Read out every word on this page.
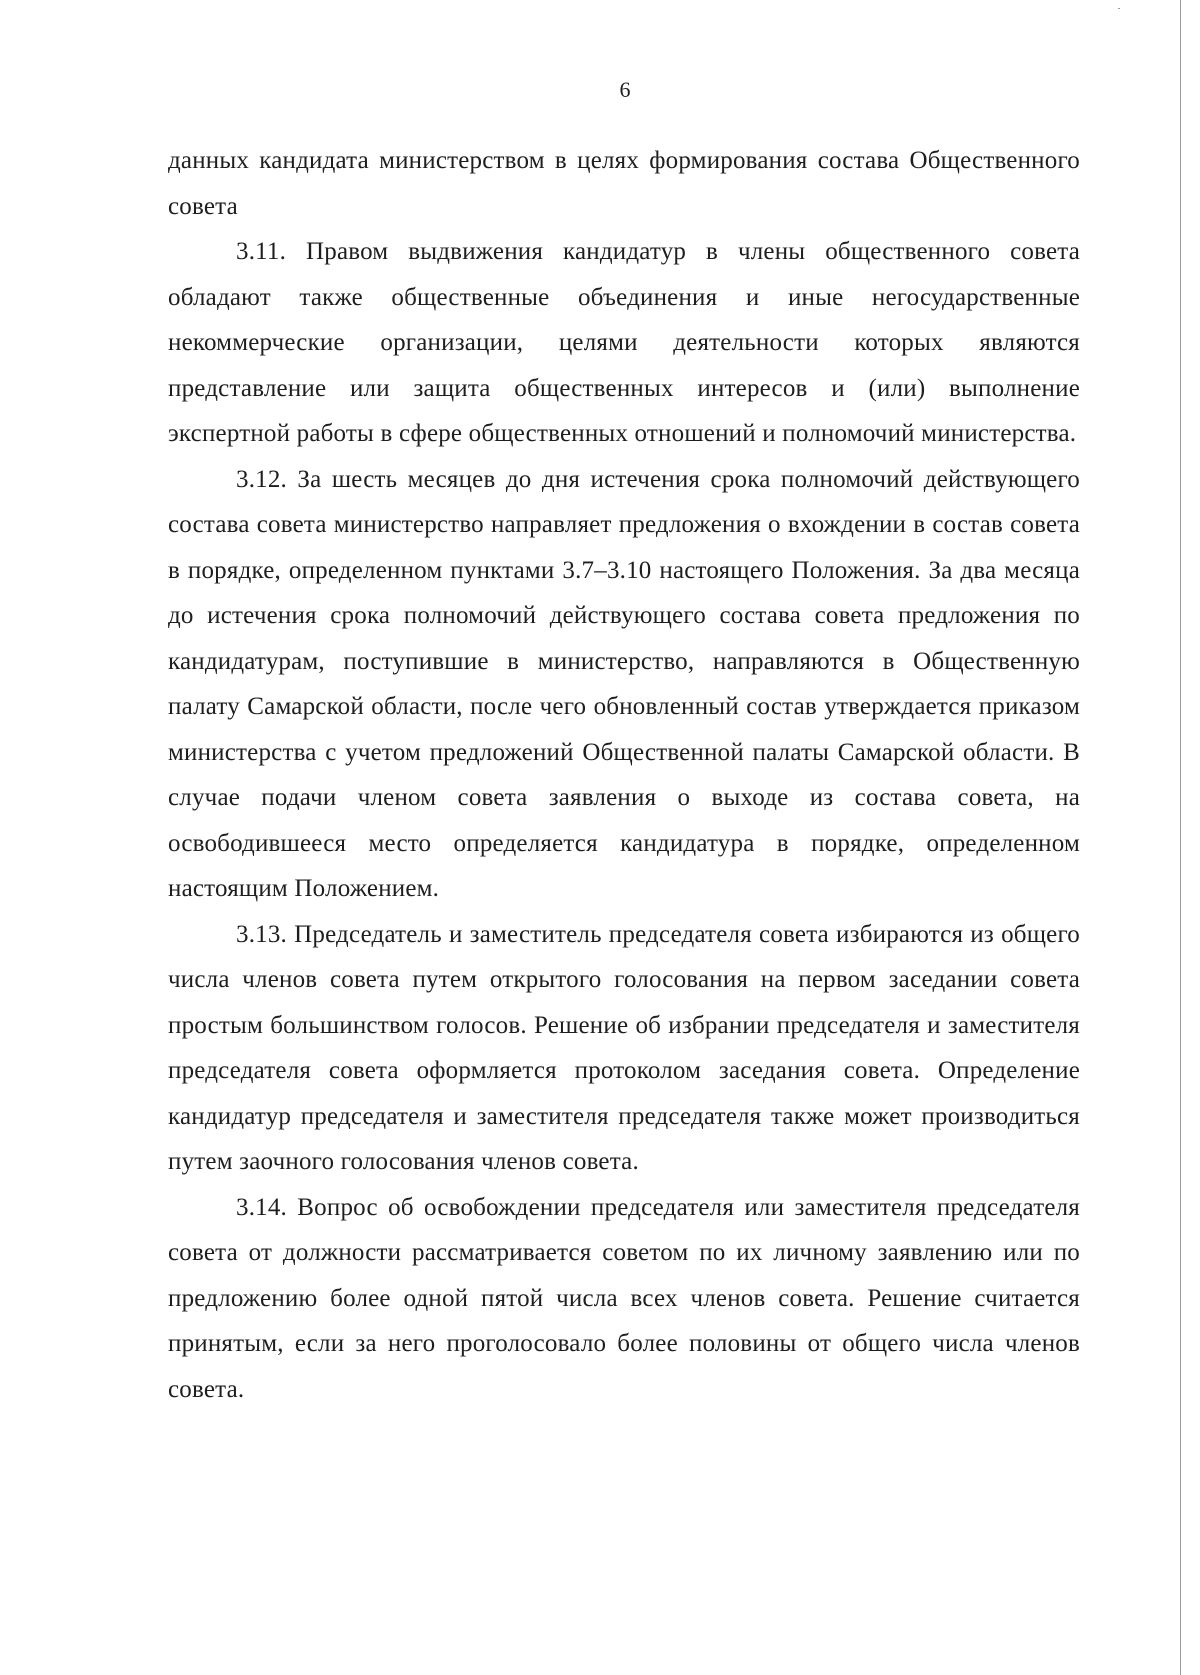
6

данных кандидата министерством в целях формирования состава Общественного совета

3.11. Правом выдвижения кандидатур в члены общественного совета обладают также общественные объединения и иные негосударственные некоммерческие организации, целями деятельности которых являются представление или защита общественных интересов и (или) выполнение экспертной работы в сфере общественных отношений и полномочий министерства.

3.12. За шесть месяцев до дня истечения срока полномочий действующего состава совета министерство направляет предложения о вхождении в состав совета в порядке, определенном пунктами 3.7–3.10 настоящего Положения. За два месяца до истечения срока полномочий действующего состава совета предложения по кандидатурам, поступившие в министерство, направляются в Общественную палату Самарской области, после чего обновленный состав утверждается приказом министерства с учетом предложений Общественной палаты Самарской области. В случае подачи членом совета заявления о выходе из состава совета, на освободившееся место определяется кандидатура в порядке, определенном настоящим Положением.

3.13. Председатель и заместитель председателя совета избираются из общего числа членов совета путем открытого голосования на первом заседании совета простым большинством голосов. Решение об избрании председателя и заместителя председателя совета оформляется протоколом заседания совета. Определение кандидатур председателя и заместителя председателя также может производиться путем заочного голосования членов совета.

3.14. Вопрос об освобождении председателя или заместителя председателя совета от должности рассматривается советом по их личному заявлению или по предложению более одной пятой числа всех членов совета. Решение считается принятым, если за него проголосовало более половины от общего числа членов совета.
